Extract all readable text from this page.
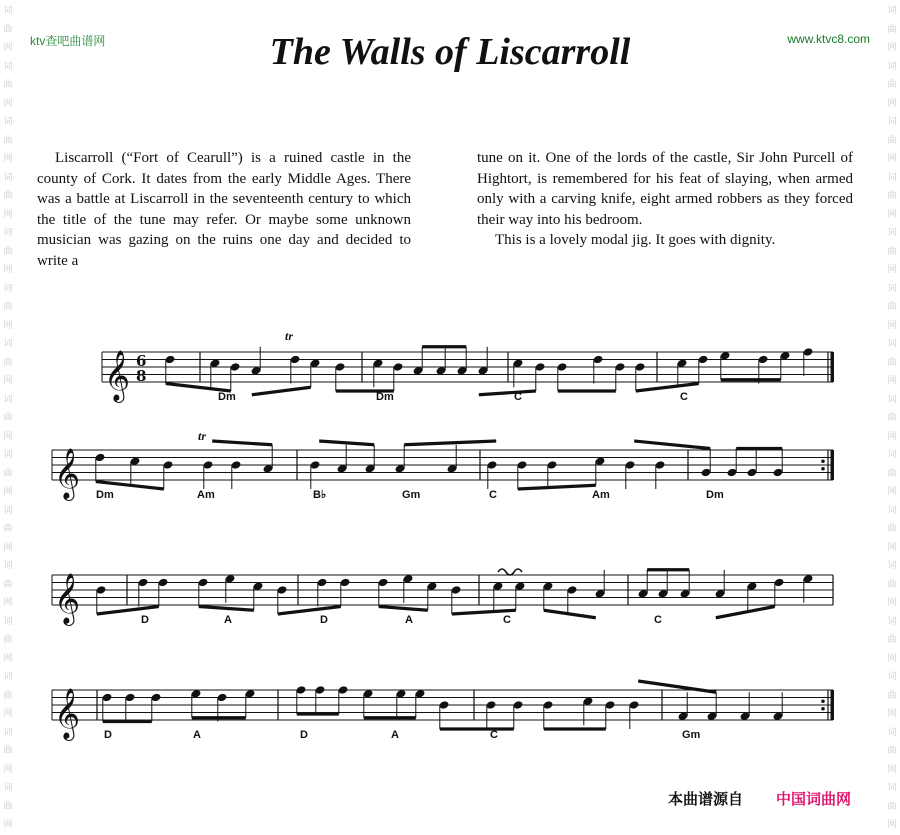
词
曲
网
词
曲
网
词
曲
网
词
曲
网
词
曲
网
词
曲
网
词
曲
网
词
曲
网
词
曲
网
词
曲
网
词
曲
网
词
曲
网
词
曲
网
词
曲
网
词
曲
网
词
曲
网
词
曲
网
词
曲
网
词
曲
网
词
曲
网
词
曲
网
词
曲
网
词
曲
网
词
曲
网
词
曲
网
词
曲
网
词
曲
网
词
曲
网
词
曲
网
词
曲
网
ktv查吧曲谱网	www.ktvc8.com
The Walls of Liscarroll

Liscarroll (“Fort of Cearull”) is a ruined castle in the county of Cork. It dates from the early Middle Ages. There was a battle at Liscarroll in the seventeenth century to which the title of the tune may refer. Or maybe some unknown musician was gazing on the ruins one day and decided to write a

tune on it. One of the lords of the castle, Sir John Purcell of Hightort, is remembered for his feat of slaying, when armed only with a carving knife, eight armed robbers as they forced their way into his bedroom.

This is a lovely modal jig. It goes with dignity.

𝄞 6
8
Dm	Dm	C	C
𝄞 Dm	Am	B♭	Gm	C	Am	Dm
𝄞	D	A	D	A	C	C
𝄞 D	A	D	A	C	Gm
tr
tr
本曲谱源自 中国词曲网
